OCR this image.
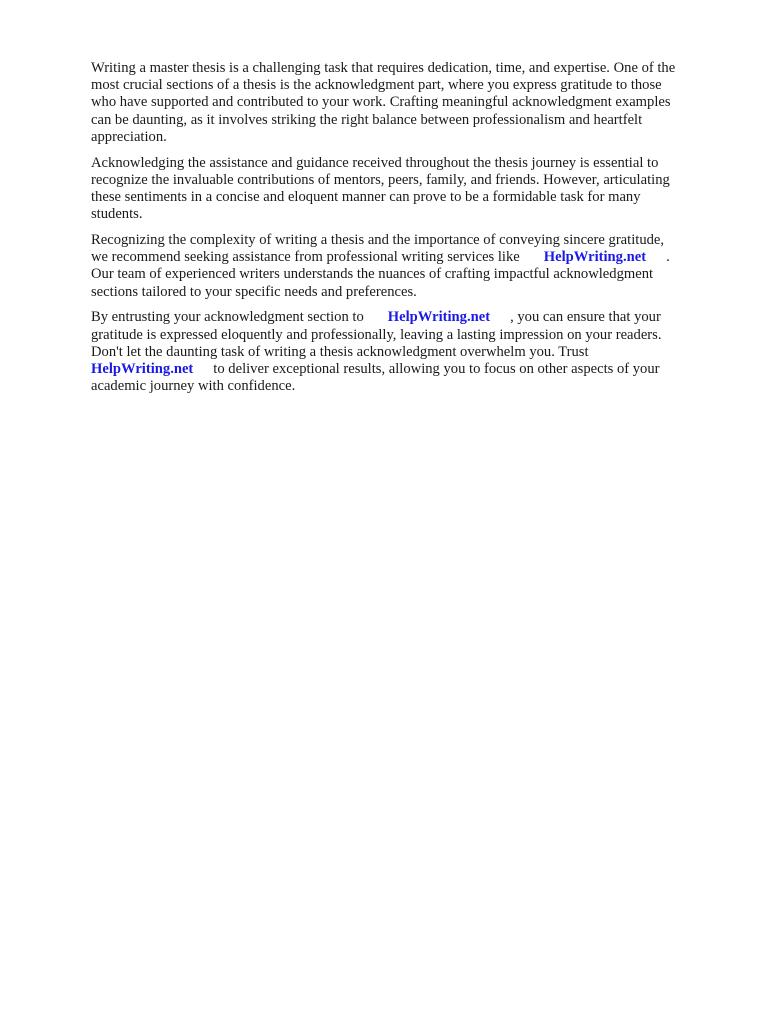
Writing a master thesis is a challenging task that requires dedication, time, and expertise. One of the
most crucial sections of a thesis is the acknowledgment part, where you express gratitude to those
who have supported and contributed to your work. Crafting meaningful acknowledgment examples
can be daunting, as it involves striking the right balance between professionalism and heartfelt
appreciation.

Acknowledging the assistance and guidance received throughout the thesis journey is essential to
recognize the invaluable contributions of mentors, peers, family, and friends. However, articulating
these sentiments in a concise and eloquent manner can prove to be a formidable task for many
students.

Recognizing the complexity of writing a thesis and the importance of conveying sincere gratitude,
we recommend seeking assistance from professional writing services like HelpWriting.net .
Our team of experienced writers understands the nuances of crafting impactful acknowledgment
sections tailored to your specific needs and preferences.

By entrusting your acknowledgment section to HelpWriting.net , you can ensure that your
gratitude is expressed eloquently and professionally, leaving a lasting impression on your readers.
Don't let the daunting task of writing a thesis acknowledgment overwhelm you. Trust
HelpWriting.net to deliver exceptional results, allowing you to focus on other aspects of your
academic journey with confidence.
